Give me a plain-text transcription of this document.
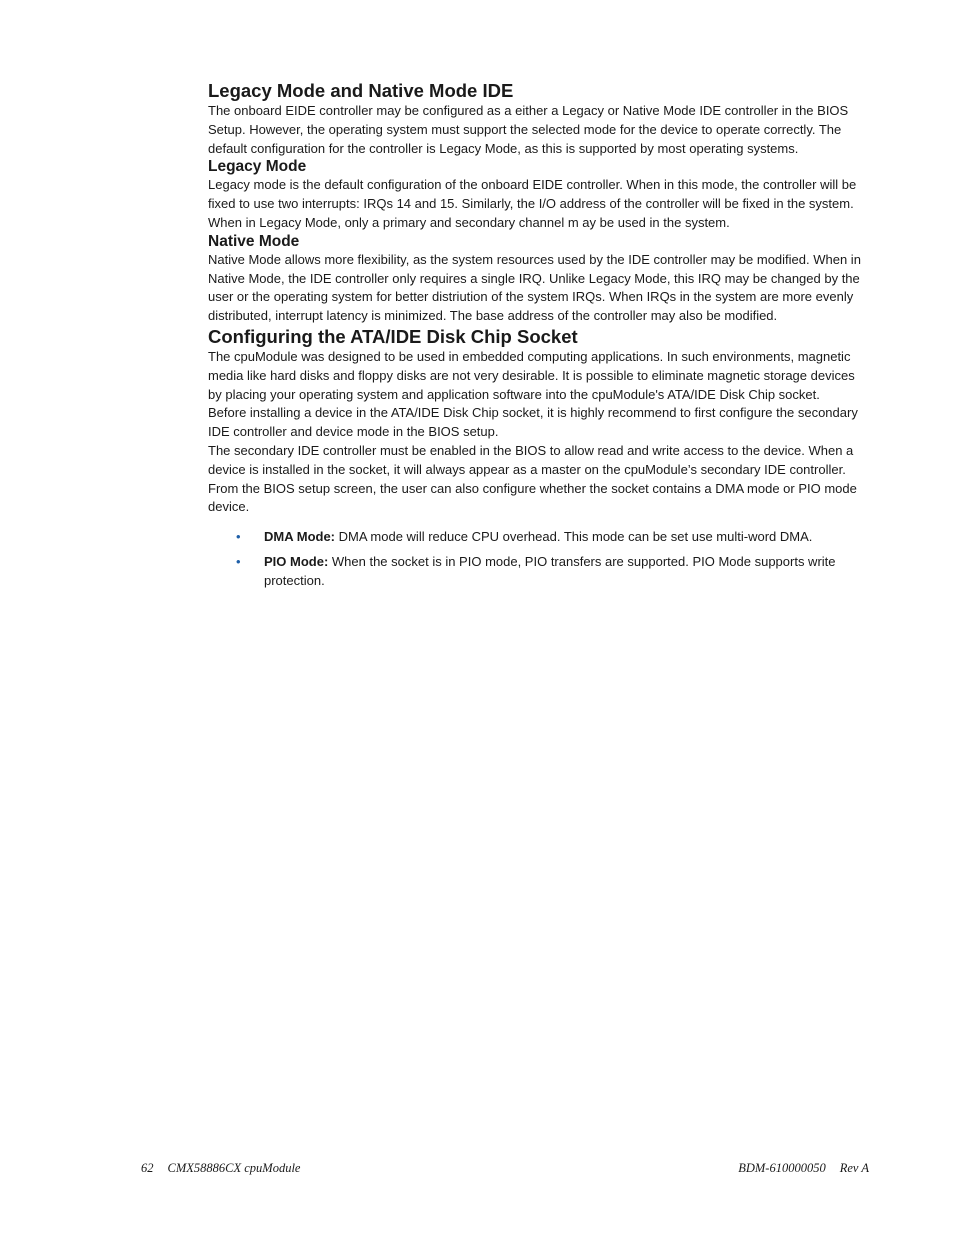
Legacy Mode and Native Mode IDE

The onboard EIDE controller may be configured as a either a Legacy or Native Mode IDE controller in the BIOS Setup. However, the operating system must support the selected mode for the device to operate correctly. The default configuration for the controller is Legacy Mode, as this is supported by most operating systems.

Legacy Mode

Legacy mode is the default configuration of the onboard EIDE controller. When in this mode, the controller will be fixed to use two interrupts: IRQs 14 and 15. Similarly, the I/O address of the controller will be fixed in the system. When in Legacy Mode, only a primary and secondary channel m ay be used in the system.

Native Mode

Native Mode allows more flexibility, as the system resources used by the IDE controller may be modified. When in Native Mode, the IDE controller only requires a single IRQ. Unlike Legacy Mode, this IRQ may be changed by the user or the operating system for better distriution of the system IRQs. When IRQs in the system are more evenly distributed, interrupt latency is minimized. The base address of the controller may also be modified.

Configuring the ATA/IDE Disk Chip Socket

The cpuModule was designed to be used in embedded computing applications. In such environments, magnetic media like hard disks and floppy disks are not very desirable. It is possible to eliminate magnetic storage devices by placing your operating system and application software into the cpuModule's ATA/IDE Disk Chip socket.

Before installing a device in the ATA/IDE Disk Chip socket, it is highly recommend to first configure the secondary IDE controller and device mode in the BIOS setup.

The secondary IDE controller must be enabled in the BIOS to allow read and write access to the device. When a device is installed in the socket, it will always appear as a master on the cpuModule’s secondary IDE controller.

From the BIOS setup screen, the user can also configure whether the socket contains a DMA mode or PIO mode device.

• DMA Mode: DMA mode will reduce CPU overhead. This mode can be set use multi-word DMA.
• PIO Mode: When the socket is in PIO mode, PIO transfers are supported. PIO Mode supports write protection.
62 CMX58886CX cpuModule	BDM-610000050 Rev A
